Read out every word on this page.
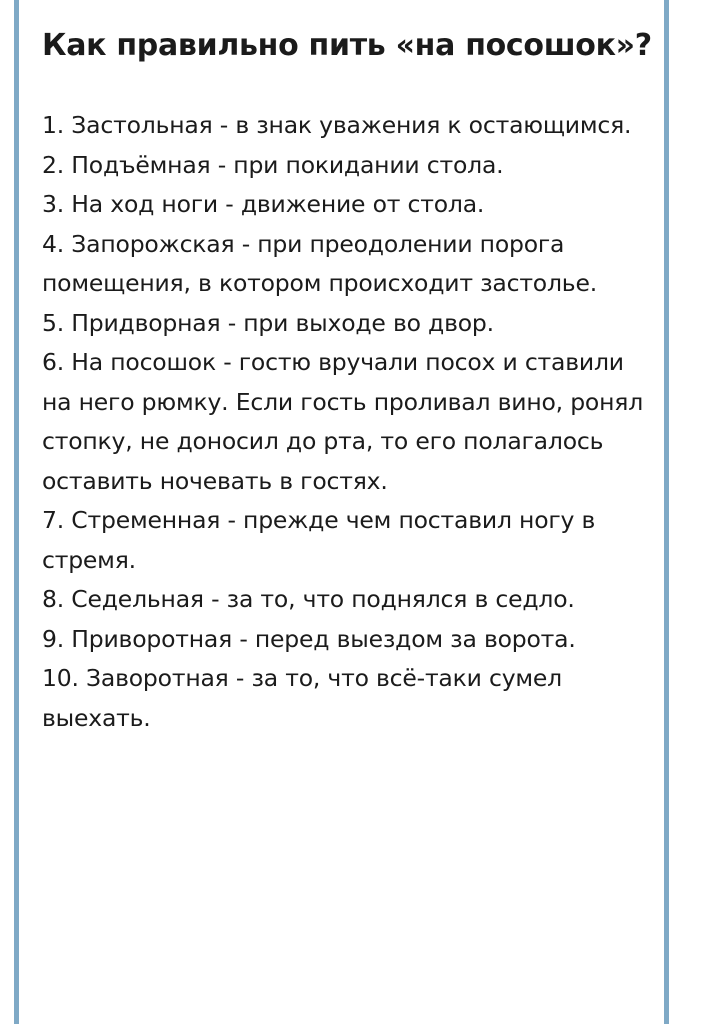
Как правильно пить «на посошок»?
1. Застольная - в знак уважения к остающимся.
2. Подъёмная - при покидании стола.
3. На ход ноги - движение от стола.
4. Запорожская - при преодолении порога помещения, в котором происходит застолье.
5. Придворная - при выходе во двор.
6. На посошок - гостю вручали посох и ставили на него рюмку. Если гость проливал вино, ронял стопку, не доносил до рта, то его полагалось оставить ночевать в гостях.
7. Стременная - прежде чем поставил ногу в стремя.
8. Седельная - за то, что поднялся в седло.
9. Приворотная - перед выездом за ворота.
10. Заворотная - за то, что всё-таки сумел выехать.
